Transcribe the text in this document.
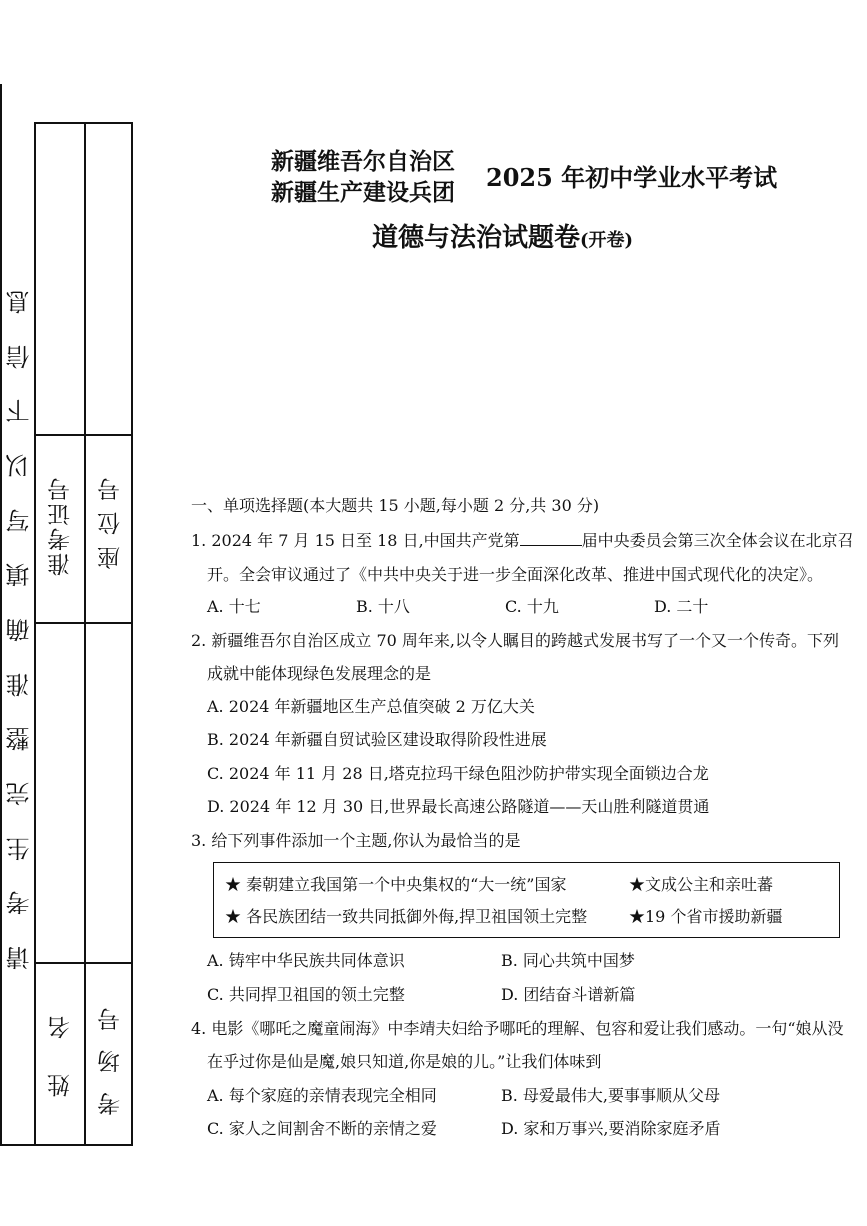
请
考
生
完
整
准
确
填
写
以
下
信
息
准考证号 座 位 号
姓 名 考 场 号
新疆维吾尔自治区
新疆生产建设兵团
2025 年初中学业水平考试
道德与法治试题卷(开卷)
一、单项选择题(本大题共 15 小题,每小题 2 分,共 30 分)
1. 2024 年 7 月 15 日至 18 日,中国共产党第	届中央委员会第三次全体会议在北京召
开。全会审议通过了《中共中央关于进一步全面深化改革、推进中国式现代化的决定》。
A. 十七	B. 十八	C. 十九	D. 二十
2. 新疆维吾尔自治区成立 70 周年来,以令人瞩目的跨越式发展书写了一个又一个传奇。下列
成就中能体现绿色发展理念的是
A. 2024 年新疆地区生产总值突破 2 万亿大关
B. 2024 年新疆自贸试验区建设取得阶段性进展
C. 2024 年 11 月 28 日,塔克拉玛干绿色阻沙防护带实现全面锁边合龙
D. 2024 年 12 月 30 日,世界最长高速公路隧道——天山胜利隧道贯通
3. 给下列事件添加一个主题,你认为最恰当的是
★ 秦朝建立我国第一个中央集权的“大一统”国家	★文成公主和亲吐蕃
★ 各民族团结一致共同抵御外侮,捍卫祖国领土完整	★19 个省市援助新疆
A. 铸牢中华民族共同体意识	B. 同心共筑中国梦
C. 共同捍卫祖国的领土完整	D. 团结奋斗谱新篇
4. 电影《哪吒之魔童闹海》中李靖夫妇给予哪吒的理解、包容和爱让我们感动。一句“娘从没
在乎过你是仙是魔,娘只知道,你是娘的儿。”让我们体味到
A. 每个家庭的亲情表现完全相同	B. 母爱最伟大,要事事顺从父母
C. 家人之间割舍不断的亲情之爱	D. 家和万事兴,要消除家庭矛盾
